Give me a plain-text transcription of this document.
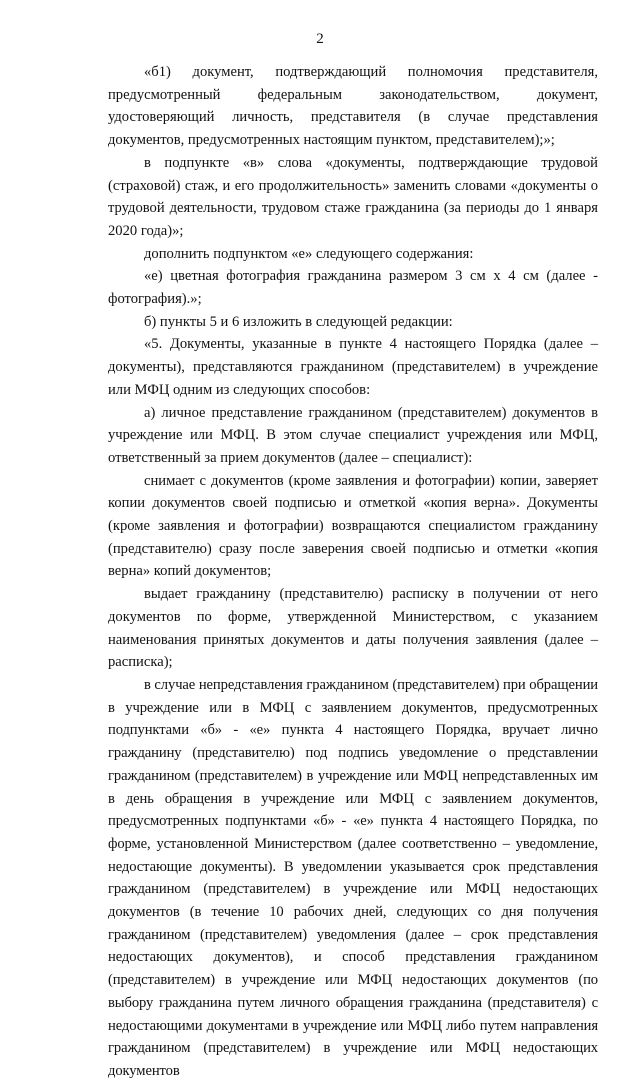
2

«б1) документ, подтверждающий полномочия представителя, предусмотренный федеральным законодательством, документ, удостоверяющий личность, представителя (в случае представления документов, предусмотренных настоящим пунктом, представителем);»;

в подпункте «в» слова «документы, подтверждающие трудовой (страховой) стаж, и его продолжительность» заменить словами «документы о трудовой деятельности, трудовом стаже гражданина (за периоды до 1 января 2020 года)»;

дополнить подпунктом «е» следующего содержания:

«е) цветная фотография гражданина размером 3 см х 4 см (далее - фотография).»;

б) пункты 5 и 6 изложить в следующей редакции:

«5. Документы, указанные в пункте 4 настоящего Порядка (далее – документы), представляются гражданином (представителем) в учреждение или МФЦ одним из следующих способов:

а) личное представление гражданином (представителем) документов в учреждение или МФЦ. В этом случае специалист учреждения или МФЦ, ответственный за прием документов (далее – специалист):

снимает с документов (кроме заявления и фотографии) копии, заверяет копии документов своей подписью и отметкой «копия верна». Документы (кроме заявления и фотографии) возвращаются специалистом гражданину (представителю) сразу после заверения своей подписью и отметки «копия верна» копий документов;

выдает гражданину (представителю) расписку в получении от него документов по форме, утвержденной Министерством, с указанием наименования принятых документов и даты получения заявления (далее – расписка);

в случае непредставления гражданином (представителем) при обращении в учреждение или в МФЦ с заявлением документов, предусмотренных подпунктами «б» - «е» пункта 4 настоящего Порядка, вручает лично гражданину (представителю) под подпись уведомление о представлении гражданином (представителем) в учреждение или МФЦ непредставленных им в день обращения в учреждение или МФЦ с заявлением документов, предусмотренных подпунктами «б» - «е» пункта 4 настоящего Порядка, по форме, установленной Министерством (далее соответственно – уведомление, недостающие документы). В уведомлении указывается срок представления гражданином (представителем) в учреждение или МФЦ недостающих документов (в течение 10 рабочих дней, следующих со дня получения гражданином (представителем) уведомления (далее – срок представления недостающих документов), и способ представления гражданином (представителем) в учреждение или МФЦ недостающих документов (по выбору гражданина путем личного обращения гражданина (представителя) с недостающими документами в учреждение или МФЦ либо путем направления гражданином (представителем) в учреждение или МФЦ недостающих документов
